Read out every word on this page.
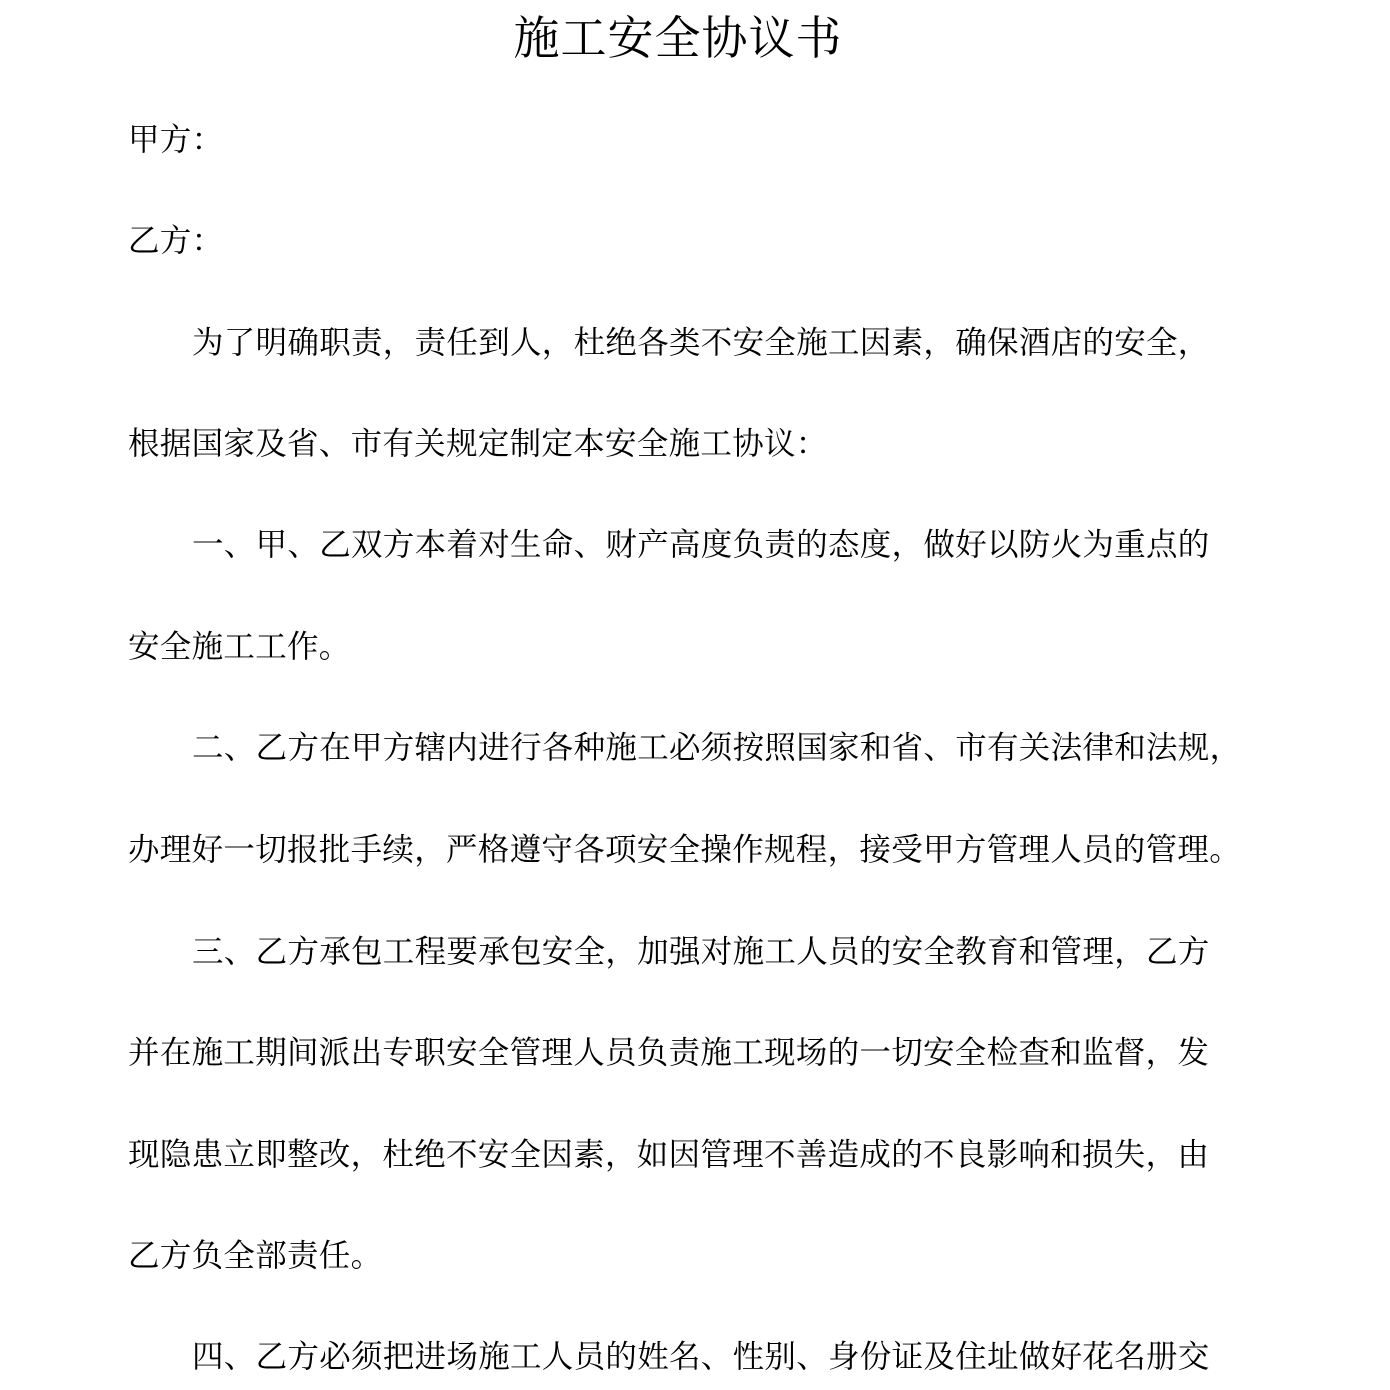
施工安全协议书
甲方：
乙方：
为了明确职责，责任到人，杜绝各类不安全施工因素，确保酒店的安全，
根据国家及省、市有关规定制定本安全施工协议：
一、甲、乙双方本着对生命、财产高度负责的态度，做好以防火为重点的
安全施工工作。
二、乙方在甲方辖内进行各种施工必须按照国家和省、市有关法律和法规，
办理好一切报批手续，严格遵守各项安全操作规程，接受甲方管理人员的管理。
三、乙方承包工程要承包安全，加强对施工人员的安全教育和管理，乙方
并在施工期间派出专职安全管理人员负责施工现场的一切安全检查和监督，发
现隐患立即整改，杜绝不安全因素，如因管理不善造成的不良影响和损失，由
乙方负全部责任。
四、乙方必须把进场施工人员的姓名、性别、身份证及住址做好花名册交
